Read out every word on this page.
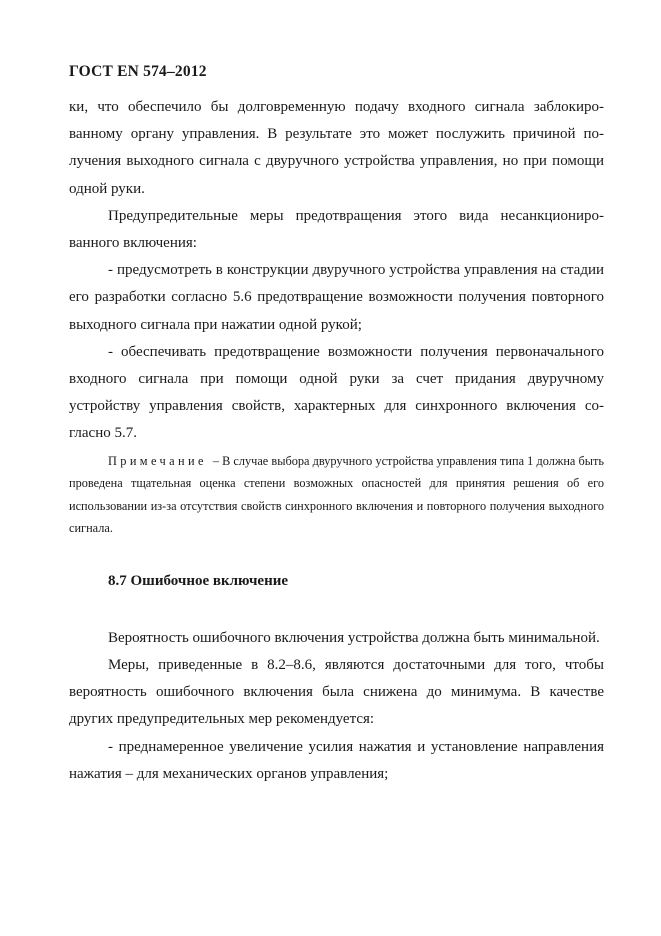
ГОСТ EN 574–2012

ки, что обеспечило бы долговременную подачу входного сигнала заблокированному органу управления. В результате это может послужить причиной получения выходного сигнала с двуручного устройства управления, но при помощи одной руки.

Предупредительные меры предотвращения этого вида несанкционированного включения:

- предусмотреть в конструкции двуручного устройства управления на стадии его разработки согласно 5.6 предотвращение возможности получения повторного выходного сигнала при нажатии одной рукой;

- обеспечивать предотвращение возможности получения первоначального входного сигнала при помощи одной руки за счет придания двуручному устройству управления свойств, характерных для синхронного включения согласно 5.7.

Примечание – В случае выбора двуручного устройства управления типа 1 должна быть проведена тщательная оценка степени возможных опасностей для принятия решения об его использовании из-за отсутствия свойств синхронного включения и повторного получения выходного сигнала.

8.7 Ошибочное включение

Вероятность ошибочного включения устройства должна быть минимальной.

Меры, приведенные в 8.2–8.6, являются достаточными для того, чтобы вероятность ошибочного включения была снижена до минимума. В качестве других предупредительных мер рекомендуется:

- преднамеренное увеличение усилия нажатия и установление направления нажатия – для механических органов управления;
